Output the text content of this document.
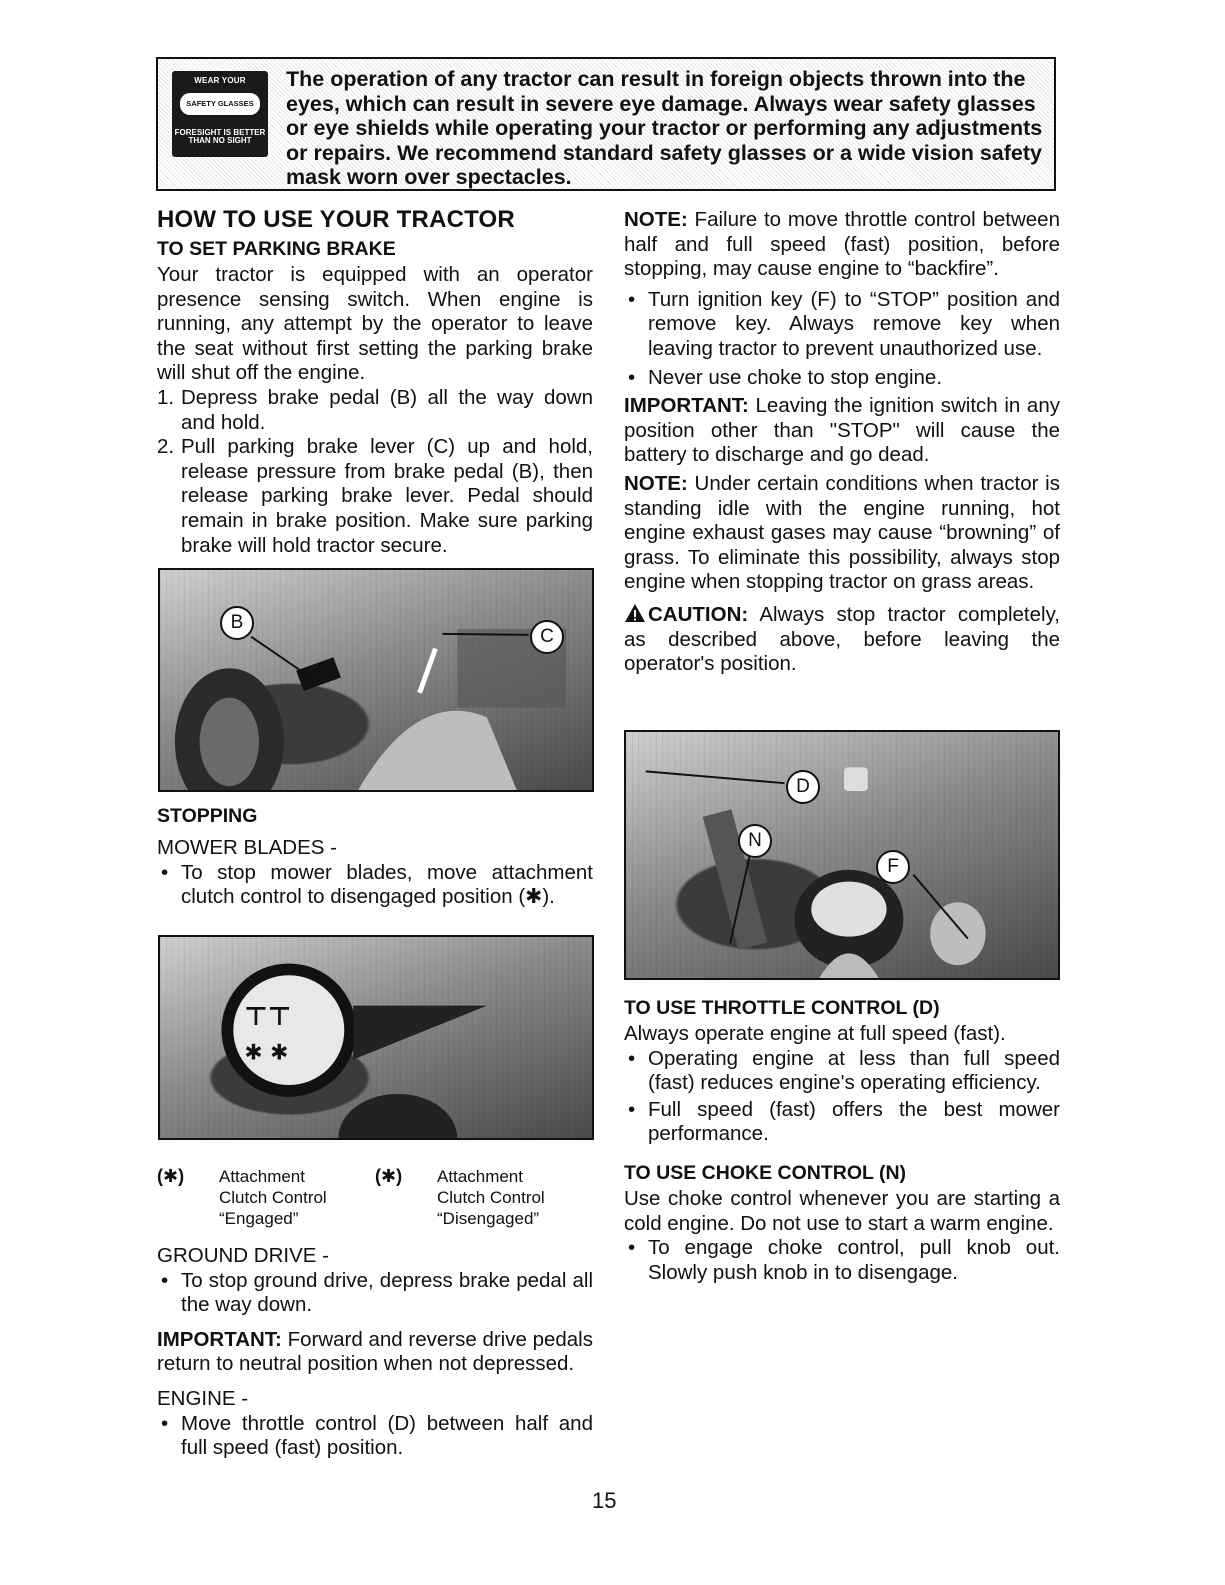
WEAR YOUR
SAFETY GLASSES
FORESIGHT IS BETTER
THAN NO SIGHT
The operation of any tractor can result in foreign objects thrown into the eyes, which can result in severe eye damage. Always wear safety glasses or eye shields while operating your tractor or performing any adjustments or repairs. We recommend standard safety glasses or a wide vision safety mask worn over spectacles.
HOW TO USE YOUR TRACTOR
TO SET PARKING BRAKE

Your tractor is equipped with an operator presence sensing switch. When engine is running, any attempt by the operator to leave the seat without first setting the parking brake will shut off the engine.

1. Depress brake pedal (B) all the way down and hold.
2. Pull parking brake lever (C) up and hold, release pressure from brake pedal (B), then release parking brake lever. Pedal should remain in brake position. Make sure parking brake will hold tractor secure.
B
C
STOPPING

MOWER BLADES -

• To stop mower blades, move attachment clutch control to disengaged position (✱).
⊤⊤
✱ ✱
(✱) Attachment
Clutch Control
“Engaged”
(✱) Attachment
Clutch Control
“Disengaged”

GROUND DRIVE -

• To stop ground drive, depress brake pedal all the way down.

IMPORTANT: Forward and reverse drive pedals return to neutral position when not depressed.

ENGINE -

• Move throttle control (D) between half and full speed (fast) position.

NOTE: Failure to move throttle control between half and full speed (fast) position, before stopping, may cause engine to “backfire”.

• Turn ignition key (F) to “STOP” position and remove key. Always remove key when leaving tractor to prevent unauthorized use.
• Never use choke to stop engine.

IMPORTANT: Leaving the ignition switch in any position other than "STOP" will cause the battery to discharge and go dead.

NOTE: Under certain conditions when tractor is standing idle with the engine running, hot engine exhaust gases may cause “browning” of grass. To eliminate this possibility, always stop engine when stopping tractor on grass areas.

CAUTION: Always stop tractor completely, as described above, before leaving the operator's position.

D
N
F
TO USE THROTTLE CONTROL (D)

Always operate engine at full speed (fast).

• Operating engine at less than full speed (fast) reduces engine's operating efficiency.
• Full speed (fast) offers the best mower performance.
TO USE CHOKE CONTROL (N)

Use choke control whenever you are starting a cold engine. Do not use to start a warm engine.

• To engage choke control, pull knob out. Slowly push knob in to disengage.
15
